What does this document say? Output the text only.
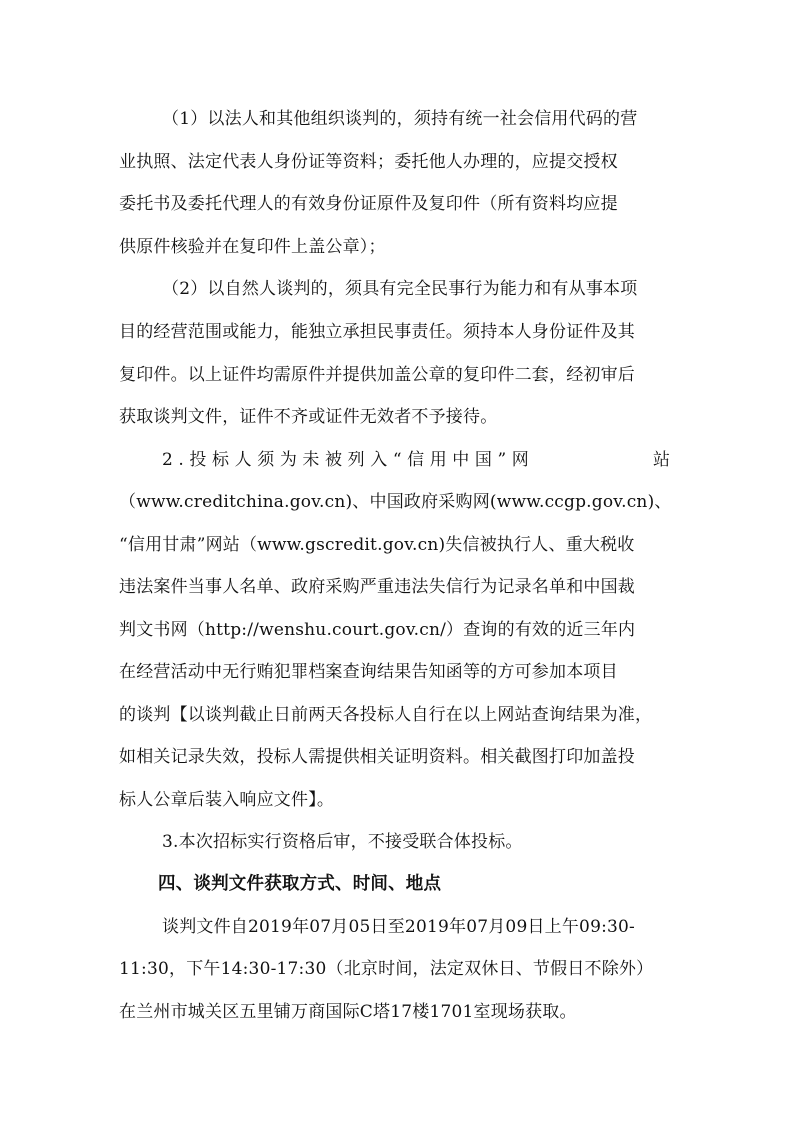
（1）以法人和其他组织谈判的，须持有统一社会信用代码的营
业执照、法定代表人身份证等资料；委托他人办理的，应提交授权
委托书及委托代理人的有效身份证原件及复印件（所有资料均应提
供原件核验并在复印件上盖公章）；
（2）以自然人谈判的，须具有完全民事行为能力和有从事本项
目的经营范围或能力，能独立承担民事责任。须持本人身份证件及其
复印件。以上证件均需原件并提供加盖公章的复印件二套，经初审后
获取谈判文件，证件不齐或证件无效者不予接待。
2.投标人须为未被列入“信用中国”网	站
（www.creditchina.gov.cn)、中国政府采购网(www.ccgp.gov.cn)、
“信用甘肃”网站（www.gscredit.gov.cn)失信被执行人、重大税收
违法案件当事人名单、政府采购严重违法失信行为记录名单和中国裁
判文书网（http://wenshu.court.gov.cn/）查询的有效的近三年内
在经营活动中无行贿犯罪档案查询结果告知函等的方可参加本项目
的谈判【以谈判截止日前两天各投标人自行在以上网站查询结果为准，
如相关记录失效，投标人需提供相关证明资料。相关截图打印加盖投
标人公章后装入响应文件】。
3.本次招标实行资格后审，不接受联合体投标。
四、谈判文件获取方式、时间、地点
谈判文件自2019年07月05日至2019年07月09日上午09:30-
11:30，下午14:30-17:30（北京时间，法定双休日、节假日不除外）
在兰州市城关区五里铺万商国际C塔17楼1701室现场获取。
